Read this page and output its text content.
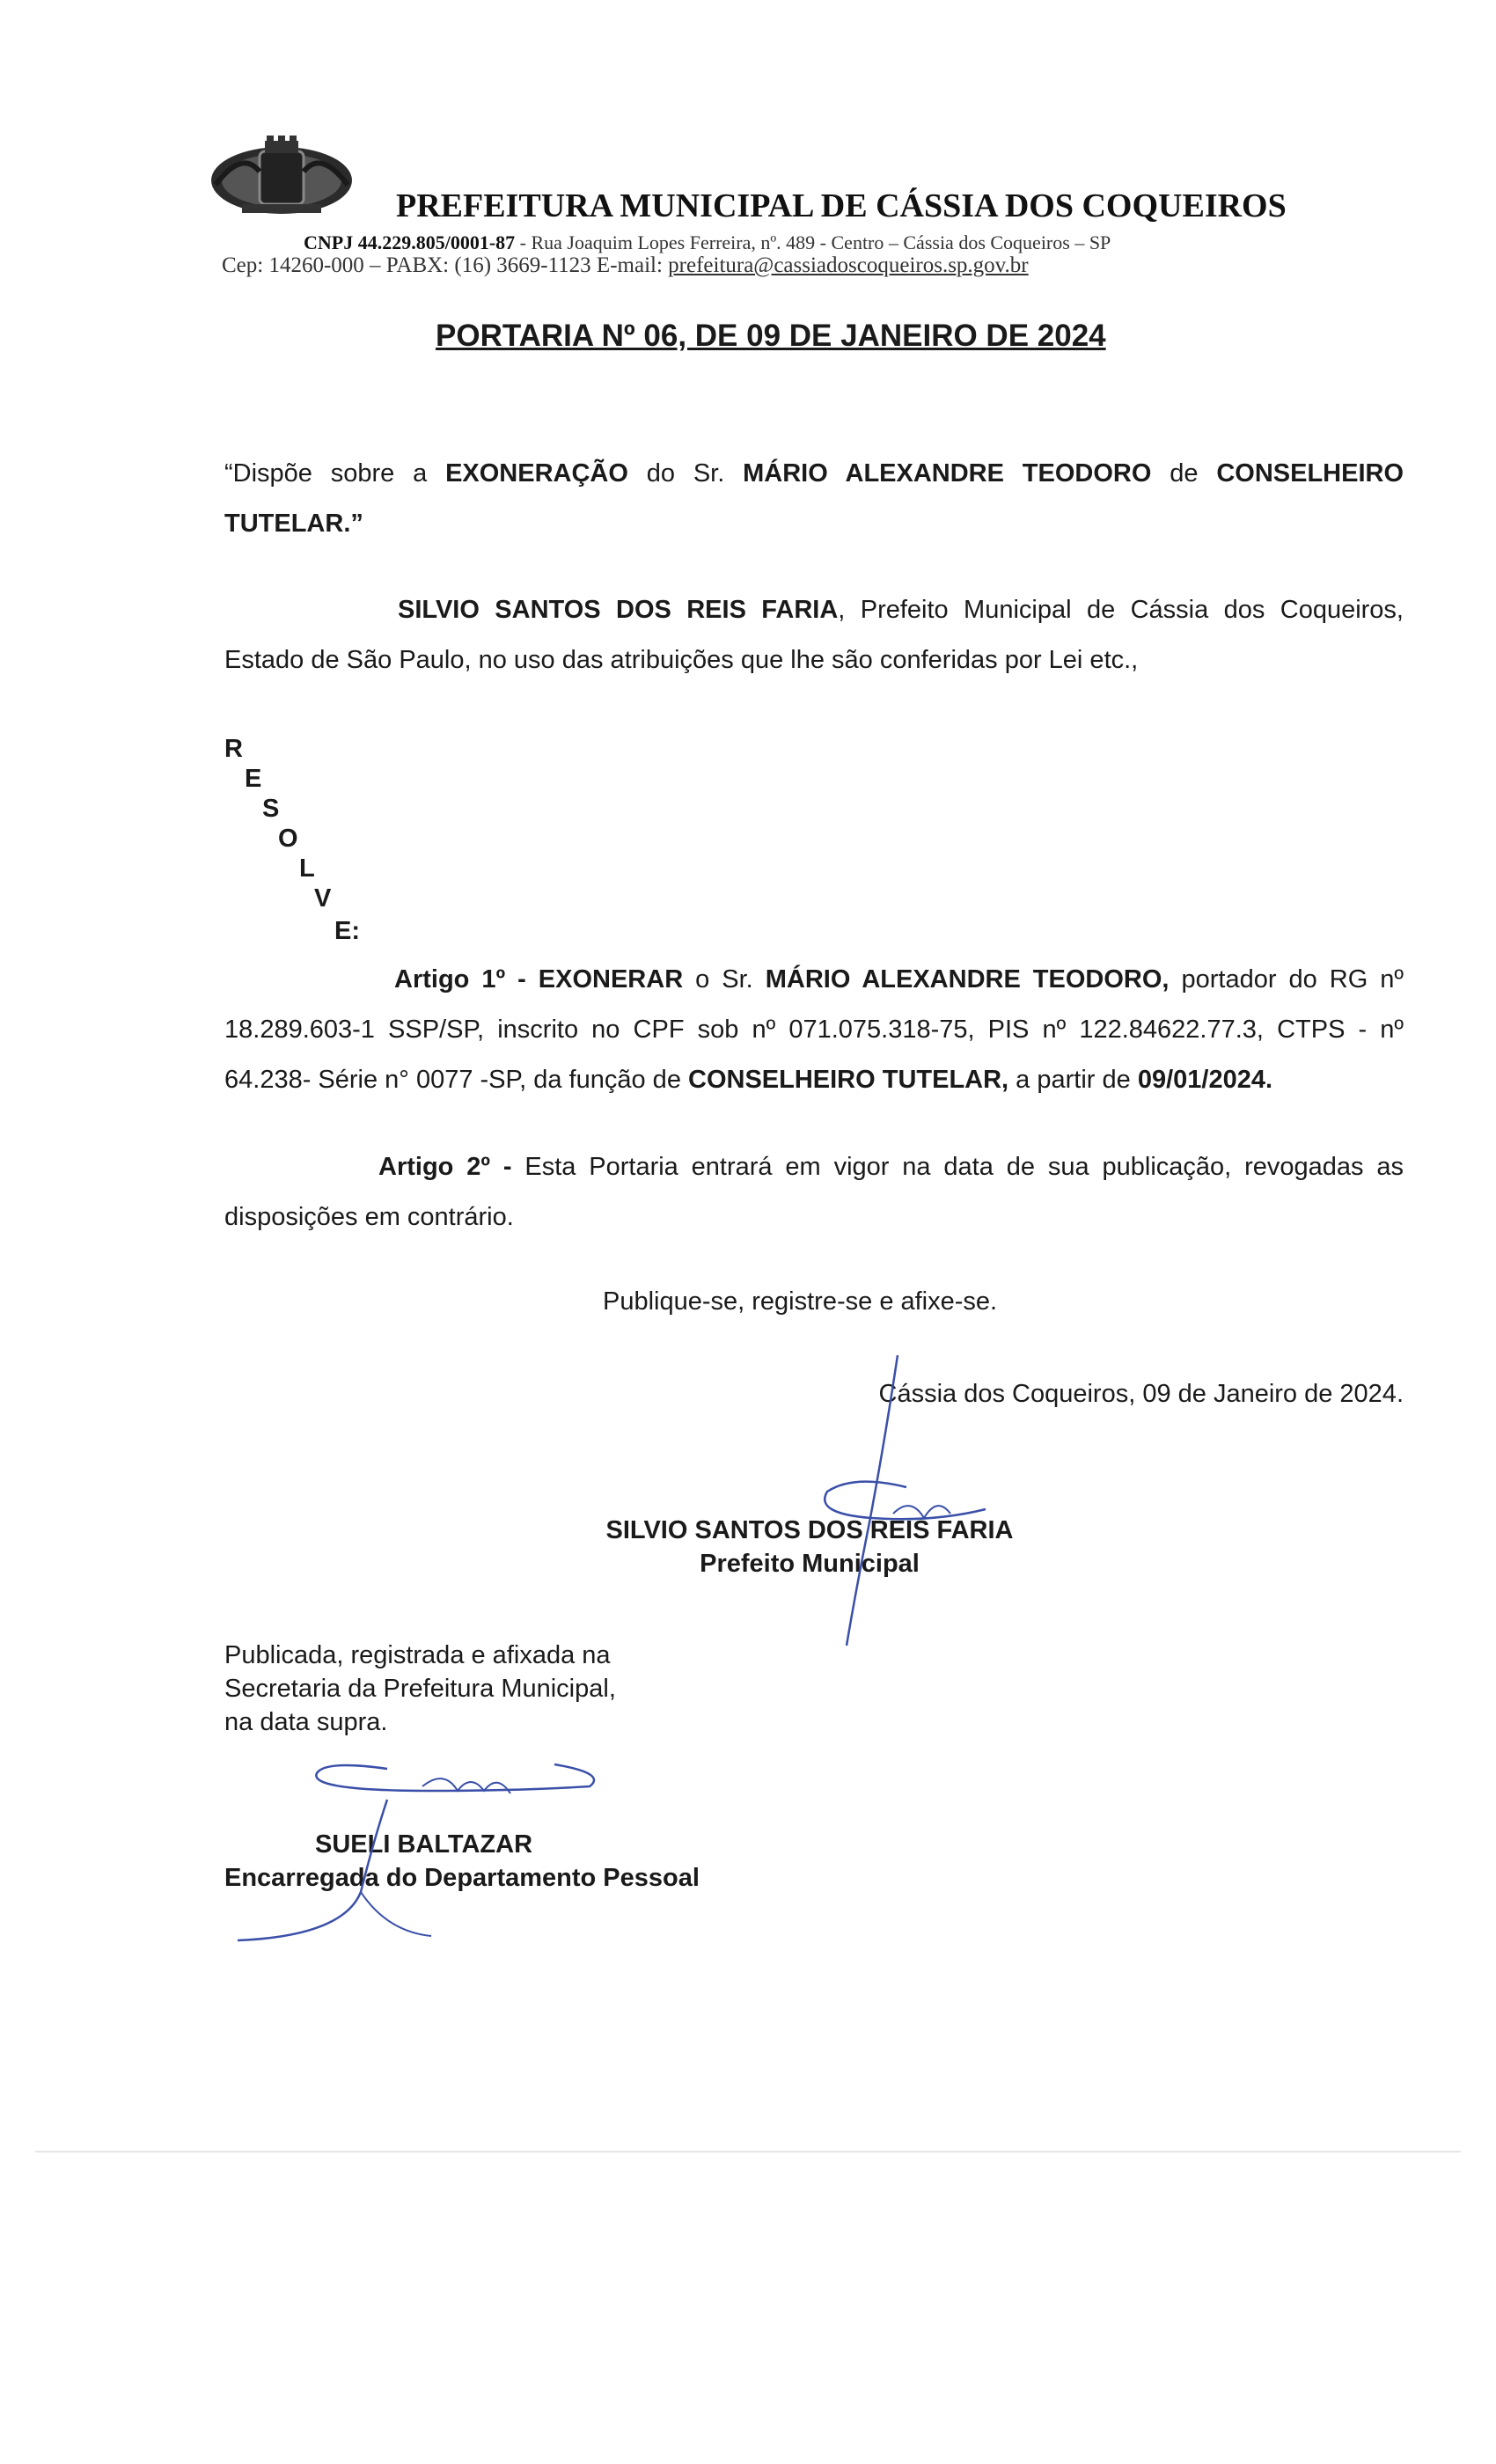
PREFEITURA MUNICIPAL DE CÁSSIA DOS COQUEIROS
CNPJ 44.229.805/0001-87 - Rua Joaquim Lopes Ferreira, nº. 489 - Centro – Cássia dos Coqueiros – SP
Cep: 14260-000 – PABX: (16) 3669-1123 E-mail: prefeitura@cassiadoscoqueiros.sp.gov.br
PORTARIA Nº 06, DE 09 DE JANEIRO DE 2024
“Dispõe sobre a EXONERAÇÃO do Sr. MÁRIO ALEXANDRE TEODORO de CONSELHEIRO TUTELAR.”
SILVIO SANTOS DOS REIS FARIA, Prefeito Municipal de Cássia dos Coqueiros, Estado de São Paulo, no uso das atribuições que lhe são conferidas por Lei etc.,
R
E
S
O
L
V
E:
Artigo 1º - EXONERAR o Sr. MÁRIO ALEXANDRE TEODORO, portador do RG nº 18.289.603-1 SSP/SP, inscrito no CPF sob nº 071.075.318-75, PIS nº 122.84622.77.3, CTPS - nº 64.238- Série n° 0077 -SP, da função de CONSELHEIRO TUTELAR, a partir de 09/01/2024.
Artigo 2º - Esta Portaria entrará em vigor na data de sua publicação, revogadas as disposições em contrário.
Publique-se, registre-se e afixe-se.
Cássia dos Coqueiros, 09 de Janeiro de 2024.
SILVIO SANTOS DOS REIS FARIA
Prefeito Municipal
Publicada, registrada e afixada na
Secretaria da Prefeitura Municipal,
na data supra.
SUELI BALTAZAR
Encarregada do Departamento Pessoal
